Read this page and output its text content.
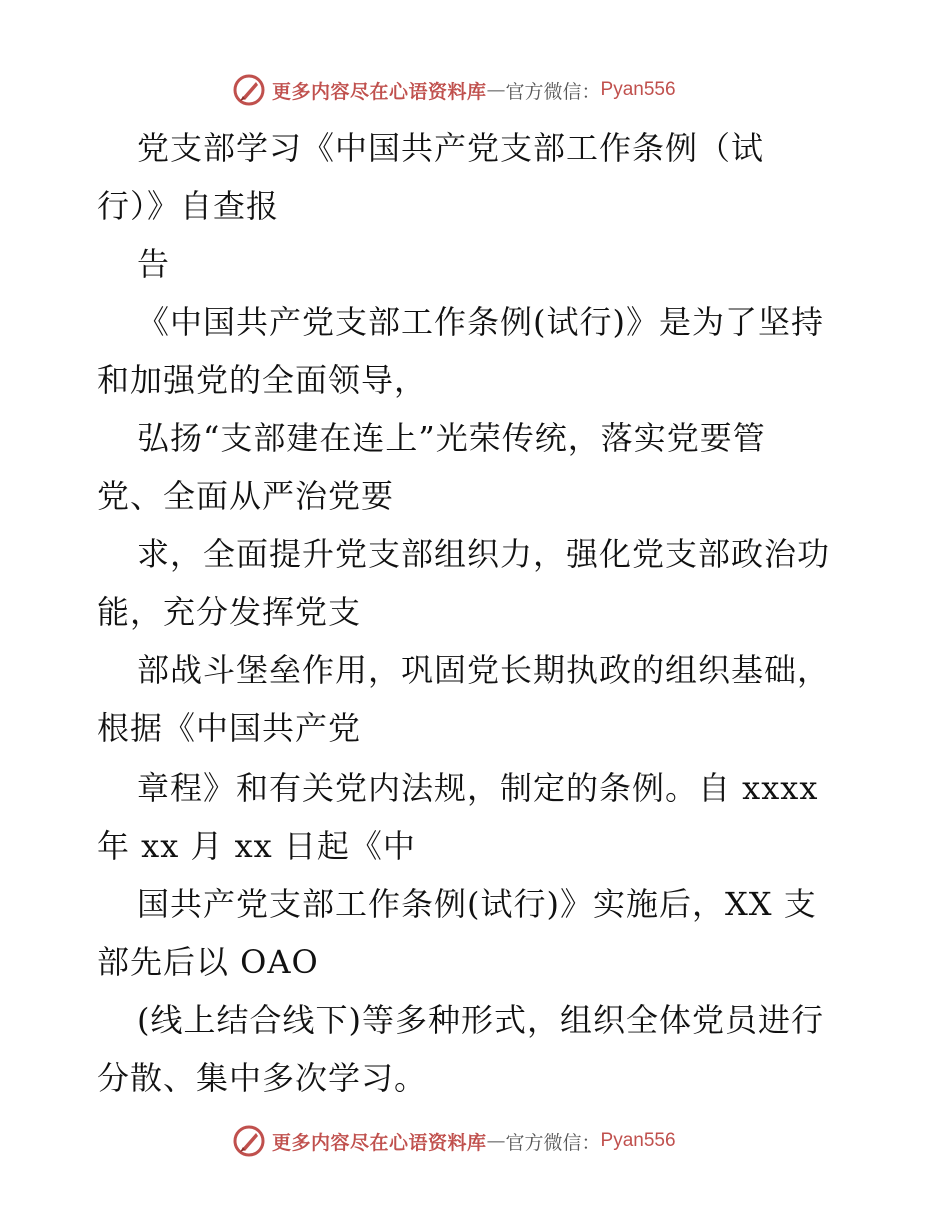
更多内容尽在心语资料库 — 官方微信 ： Pyan556
党支部学习《中国共产党支部工作条例（试
行）》自查报
告
《中国共产党支部工作条例(试行)》是为了坚持
和加强党的全面领导，
弘扬“支部建在连上”光荣传统，落实党要管
党、全面从严治党要
求，全面提升党支部组织力，强化党支部政治功
能，充分发挥党支
部战斗堡垒作用，巩固党长期执政的组织基础，
根据《中国共产党
章程》和有关党内法规，制定的条例。自 xxxx
年 xx 月 xx 日起《中
国共产党支部工作条例(试行)》实施后，XX 支
部先后以 OAO
(线上结合线下)等多种形式，组织全体党员进行
分散、集中多次学习。
更多内容尽在心语资料库 — 官方微信 ： Pyan556
